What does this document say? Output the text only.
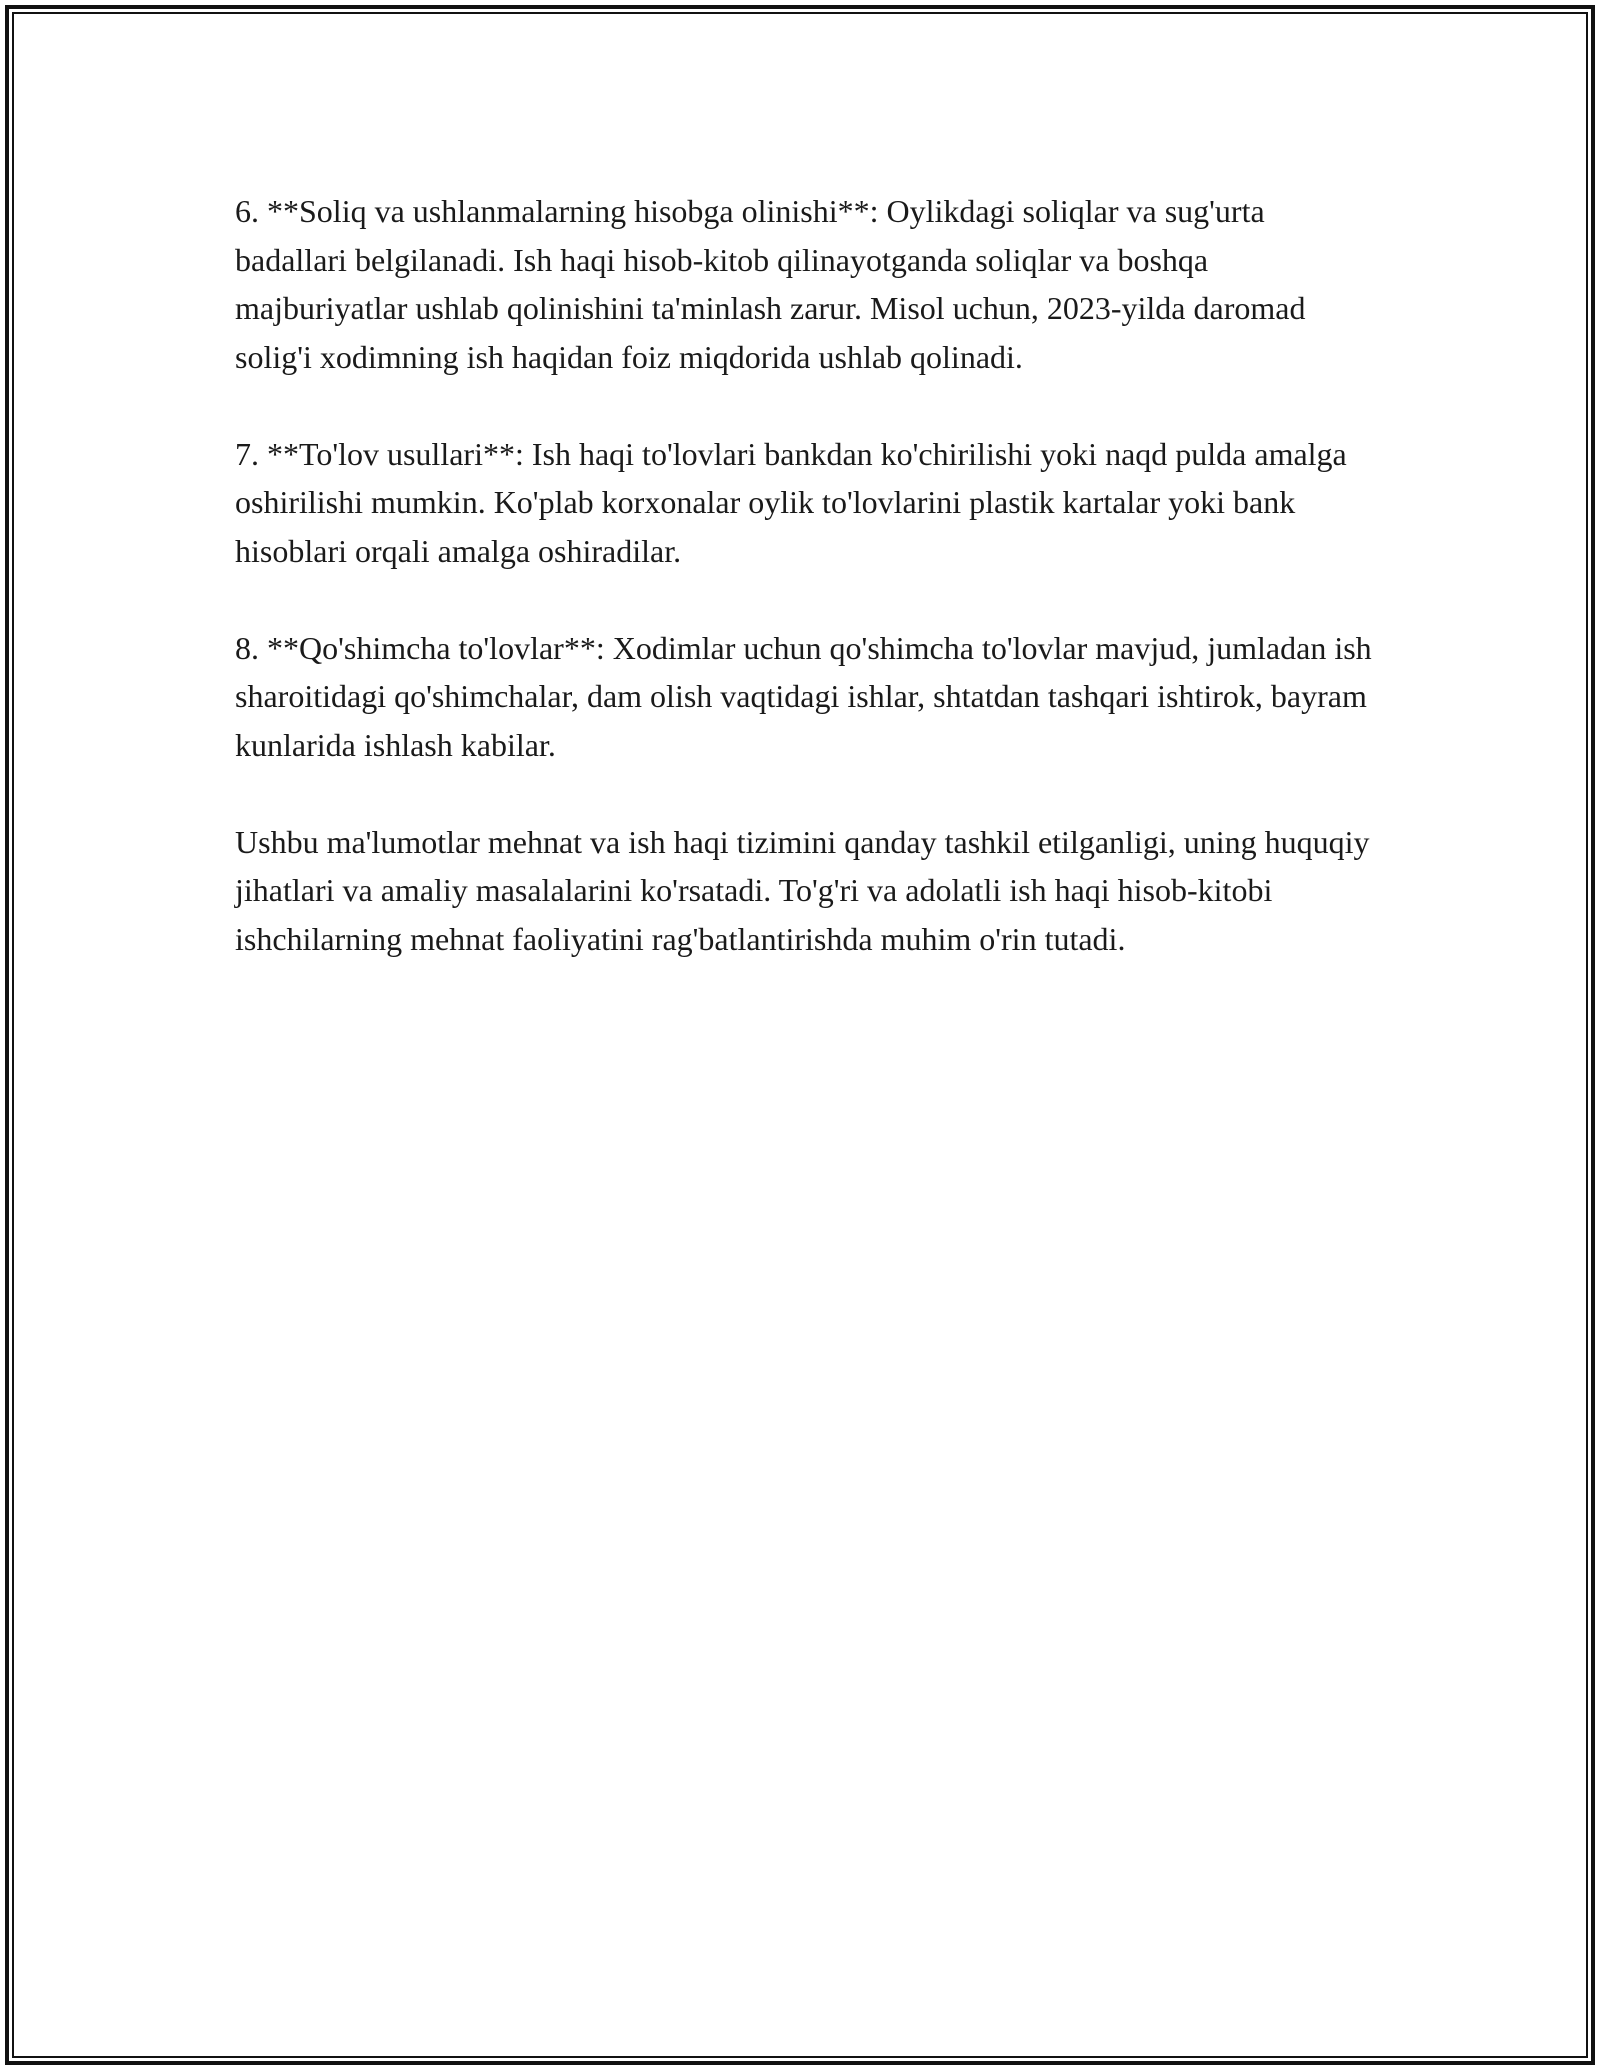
6. **Soliq va ushlanmalarning hisobga olinishi**: Oylikdagi soliqlar va sug'urta badallari belgilanadi. Ish haqi hisob-kitob qilinayotganda soliqlar va boshqa majburiyatlar ushlab qolinishini ta'minlash zarur. Misol uchun, 2023-yilda daromad solig'i xodimning ish haqidan foiz miqdorida ushlab qolinadi.

7. **To'lov usullari**: Ish haqi to'lovlari bankdan ko'chirilishi yoki naqd pulda amalga oshirilishi mumkin. Ko'plab korxonalar oylik to'lovlarini plastik kartalar yoki bank hisoblari orqali amalga oshiradilar.

8. **Qo'shimcha to'lovlar**: Xodimlar uchun qo'shimcha to'lovlar mavjud, jumladan ish sharoitidagi qo'shimchalar, dam olish vaqtidagi ishlar, shtatdan tashqari ishtirok, bayram kunlarida ishlash kabilar.

Ushbu ma'lumotlar mehnat va ish haqi tizimini qanday tashkil etilganligi, uning huquqiy jihatlari va amaliy masalalarini ko'rsatadi. To'g'ri va adolatli ish haqi hisob-kitobi ishchilarning mehnat faoliyatini rag'batlantirishda muhim o'rin tutadi.
